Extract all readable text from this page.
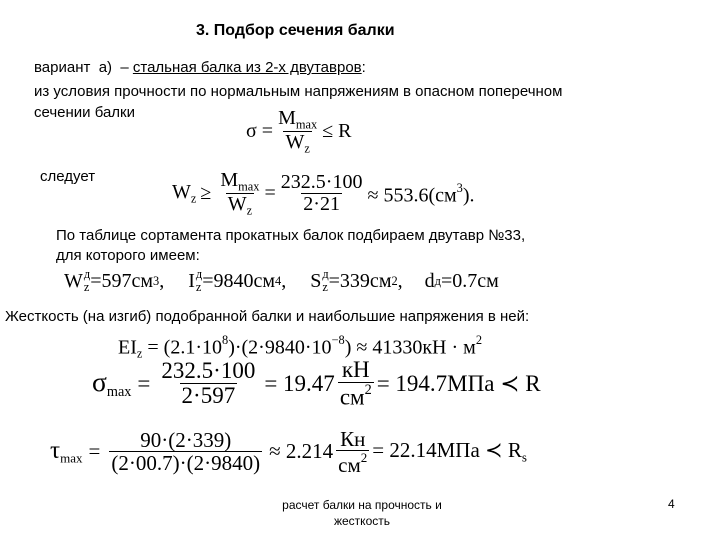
3. Подбор сечения балки
вариант  а)  – стальная балка из 2-х двутавров:
из условия прочности по нормальным напряжениям в опасном поперечном
сечении балки
$\sigma = \frac{M_{max}}{W_z} \le R$
следует
$W_z \ge \frac{M_{max}}{W_z} = \frac{232.5\cdot 100}{2\cdot 21} \approx 553.6(см^3)$.
По таблице сортамента прокатных балок подбираем двутавр №33,
для которого имеем:
W д
z =597см 3 , I д
z =9840см 4 , S д
z =339см 2 , d д =0.7см
Жесткость (на изгиб) подобранной балки и наибольшие напряжения в ней:
$EI_z = (2.1\cdot 10^8)\cdot(2\cdot 9840\cdot 10^{-8}) \approx 41330кН \cdot м^2$
$\sigma_{max} = \frac{232.5\cdot 100}{2\cdot 597} = 19.47 \frac{кН}{см^2} = 194.7МПа$ ≺ R
$\tau_{max} = \frac{90\cdot(2\cdot 339)}{(2\cdot 00.7)\cdot(2\cdot 9840)} \approx 2.214 \frac{Кн}{см^2} = 22.14МПа$ ≺ $R_s$
расчет балки на прочность и
жесткость
4
